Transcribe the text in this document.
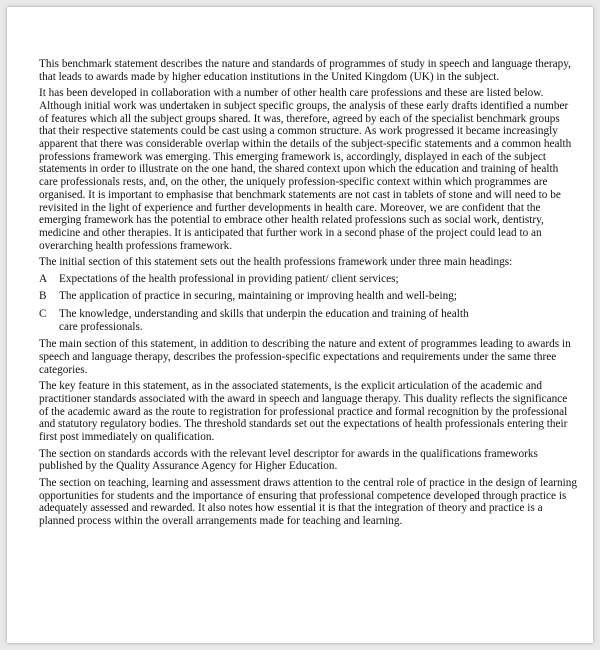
This benchmark statement describes the nature and standards of programmes of study in speech and language therapy, that leads to awards made by higher education institutions in the United Kingdom (UK) in the subject.

It has been developed in collaboration with a number of other health care professions and these are listed below. Although initial work was undertaken in subject specific groups, the analysis of these early drafts identified a number of features which all the subject groups shared. It was, therefore, agreed by each of the specialist benchmark groups that their respective statements could be cast using a common structure. As work progressed it became increasingly apparent that there was considerable overlap within the details of the subject-specific statements and a common health professions framework was emerging. This emerging framework is, accordingly, displayed in each of the subject statements in order to illustrate on the one hand, the shared context upon which the education and training of health care professionals rests, and, on the other, the uniquely profession-specific context within which programmes are organised. It is important to emphasise that benchmark statements are not cast in tablets of stone and will need to be revisited in the light of experience and further developments in health care. Moreover, we are confident that the emerging framework has the potential to embrace other health related professions such as social work, dentistry, medicine and other therapies. It is anticipated that further work in a second phase of the project could lead to an overarching health professions framework.

The initial section of this statement sets out the health professions framework under three main headings:

A	Expectations of the health professional in providing patient/ client services;
B	The application of practice in securing, maintaining or improving health and well-being;
C	The knowledge, understanding and skills that underpin the education and training of health care professionals.

The main section of this statement, in addition to describing the nature and extent of programmes leading to awards in speech and language therapy, describes the profession-specific expectations and requirements under the same three categories.

The key feature in this statement, as in the associated statements, is the explicit articulation of the academic and practitioner standards associated with the award in speech and language therapy. This duality reflects the significance of the academic award as the route to registration for professional practice and formal recognition by the professional and statutory regulatory bodies. The threshold standards set out the expectations of health professionals entering their first post immediately on qualification.

The section on standards accords with the relevant level descriptor for awards in the qualifications frameworks published by the Quality Assurance Agency for Higher Education.

The section on teaching, learning and assessment draws attention to the central role of practice in the design of learning opportunities for students and the importance of ensuring that professional competence developed through practice is adequately assessed and rewarded. It also notes how essential it is that the integration of theory and practice is a planned process within the overall arrangements made for teaching and learning.
